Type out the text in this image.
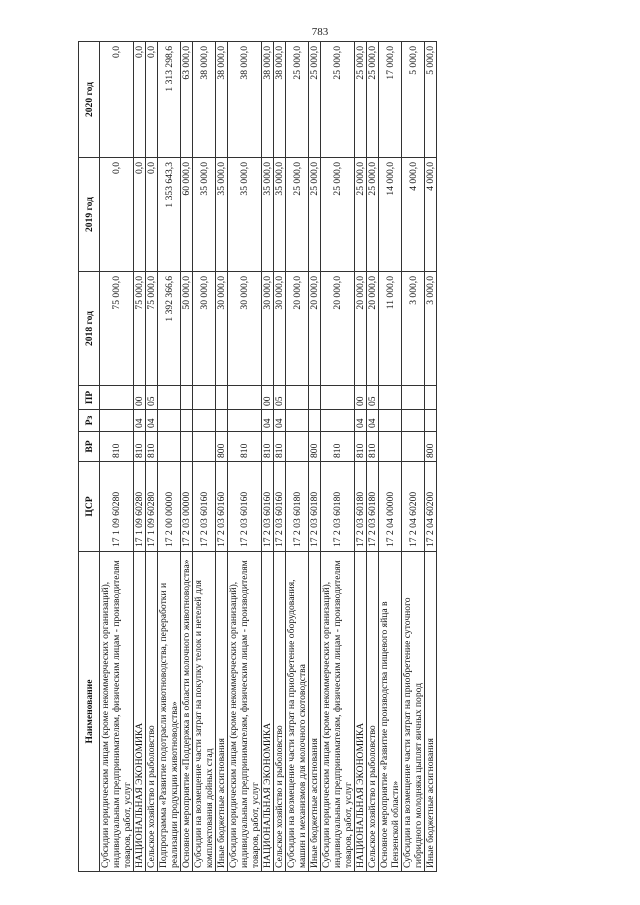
783
Наименование	ЦСР	ВР	Рз	ПР	2018 год	2019 год	2020 год
Субсидии юридическим лицам (кроме некоммерческих организаций), индивидуальным предпринимателям, физическим лицам - производителям товаров, работ, услуг	17 1 09 60280	810			75 000,0	0,0	0,0
НАЦИОНАЛЬНАЯ ЭКОНОМИКА	17 1 09 60280	810	04	00	75 000,0	0,0	0,0
Сельское хозяйство и рыболовство	17 1 09 60280	810	04	05	75 000,0	0,0	0,0
Подпрограмма «Развитие подотрасли животноводства, переработки и реализации продукции животноводства»	17 2 00 00000				1 392 366,6	1 353 643,3	1 313 298,6
Основное мероприятие «Поддержка в области молочного животноводства»	17 2 03 00000				50 000,0	60 000,0	63 000,0
Субсидии на возмещение части затрат на покупку телок и нетелей для комплектования дойных стад	17 2 03 60160				30 000,0	35 000,0	38 000,0
Иные бюджетные ассигнования	17 2 03 60160	800			30 000,0	35 000,0	38 000,0
Субсидии юридическим лицам (кроме некоммерческих организаций), индивидуальным предпринимателям, физическим лицам - производителям товаров, работ, услуг	17 2 03 60160	810			30 000,0	35 000,0	38 000,0
НАЦИОНАЛЬНАЯ ЭКОНОМИКА	17 2 03 60160	810	04	00	30 000,0	35 000,0	38 000,0
Сельское хозяйство и рыболовство	17 2 03 60160	810	04	05	30 000,0	35 000,0	38 000,0
Субсидии на возмещение части затрат на приобретение оборудования, машин и механизмов для молочного скотоводства	17 2 03 60180				20 000,0	25 000,0	25 000,0
Иные бюджетные ассигнования	17 2 03 60180	800			20 000,0	25 000,0	25 000,0
Субсидии юридическим лицам (кроме некоммерческих организаций), индивидуальным предпринимателям, физическим лицам - производителям товаров, работ, услуг	17 2 03 60180	810			20 000,0	25 000,0	25 000,0
НАЦИОНАЛЬНАЯ ЭКОНОМИКА	17 2 03 60180	810	04	00	20 000,0	25 000,0	25 000,0
Сельское хозяйство и рыболовство	17 2 03 60180	810	04	05	20 000,0	25 000,0	25 000,0
Основное мероприятие «Развитие производства пищевого яйца в Пензенской области»	17 2 04 00000				11 000,0	14 000,0	17 000,0
Субсидии на возмещение части затрат на приобретение суточного гибридного молодняка цыплят яичных пород	17 2 04 60200				3 000,0	4 000,0	5 000,0
Иные бюджетные ассигнования	17 2 04 60200	800			3 000,0	4 000,0	5 000,0
